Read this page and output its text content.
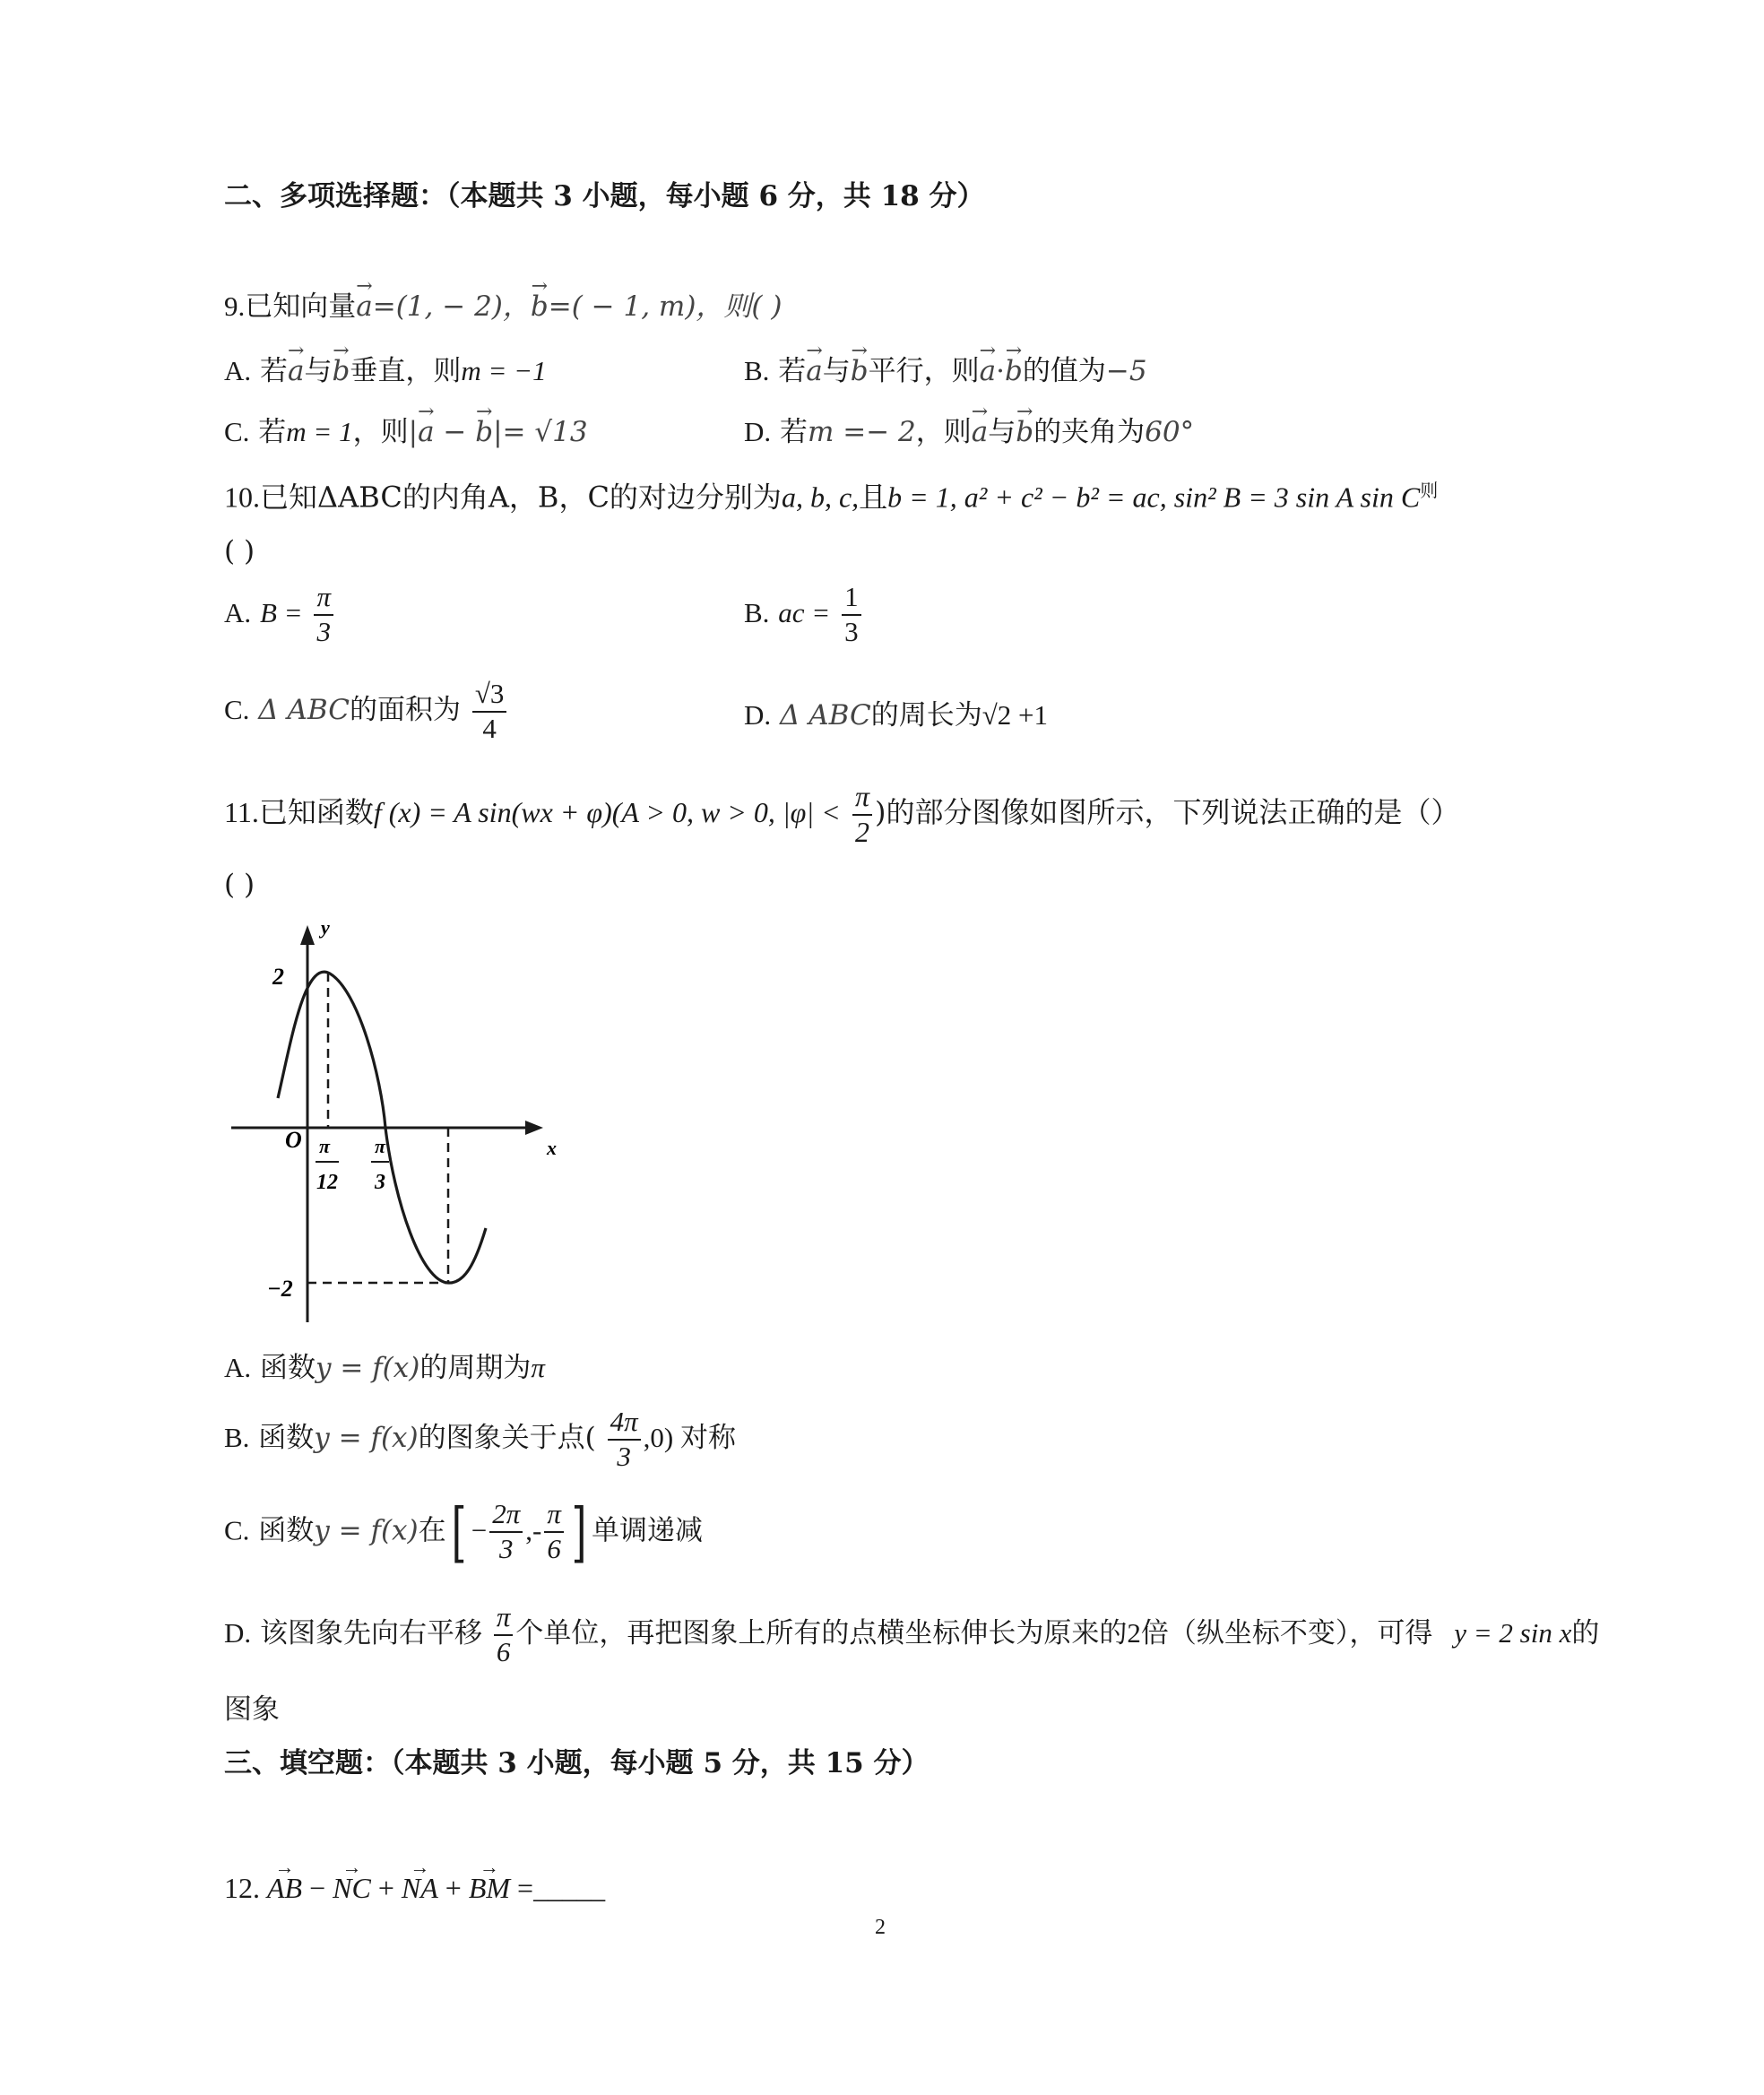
二、多项选择题：（本题共 3 小题，每小题 6 分，共 18 分）
9.已知向量→ a=(1, − 2)，→ b=( − 1, m)，则( )
A. 若→ a与→ b垂直，则m = −1	B. 若→ a与→ b平行，则→ a·→ b的值为−5
C. 若m = 1，则|→ a − → b|= √13	D. 若m =− 2，则→ a与→ b的夹角为60°
10.已知ΔABC的内角A，B，C的对边分别为a, b, c,且b = 1, a² + c² − b² = ac, sin² B = 3 sin A $\sin C^则$
( )
A. $B = \frac{\pi}{3}$	B. ac = $\frac{1}{3}$
C. Δ ABC的面积为 $\frac{√3}{4}$	D. Δ ABC的周长为√2 +1
11.已知函数f (x) = A sin(wx + φ)(A > 0, w > 0, $|\varphi| < \frac{\pi}{2}$ )的部分图像如图所示，下列说法正确的是（）
( )
y
x
O
2
−2
π
12
π
3
A. 函数y = f(x)的周期为π
B. 函数y = f(x)的图象关于点( $\frac{4\pi}{3} ,0$) 对称
C. 函数y = f(x)在[ − $\frac{2\pi}{3}$ ,- $\frac{\pi}{6}$ ] 单调递减
D. 该图象先向右平移 $\frac{\pi}{6}$ 个单位，再把图象上所有的点横坐标伸长为原来的2倍（纵坐标不变），可得 y = 2 sin x的
图象
三、填空题：（本题共 3 小题，每小题 5 分，共 15 分）
12. → AB − → NC + → NA + → BM =_____
2
